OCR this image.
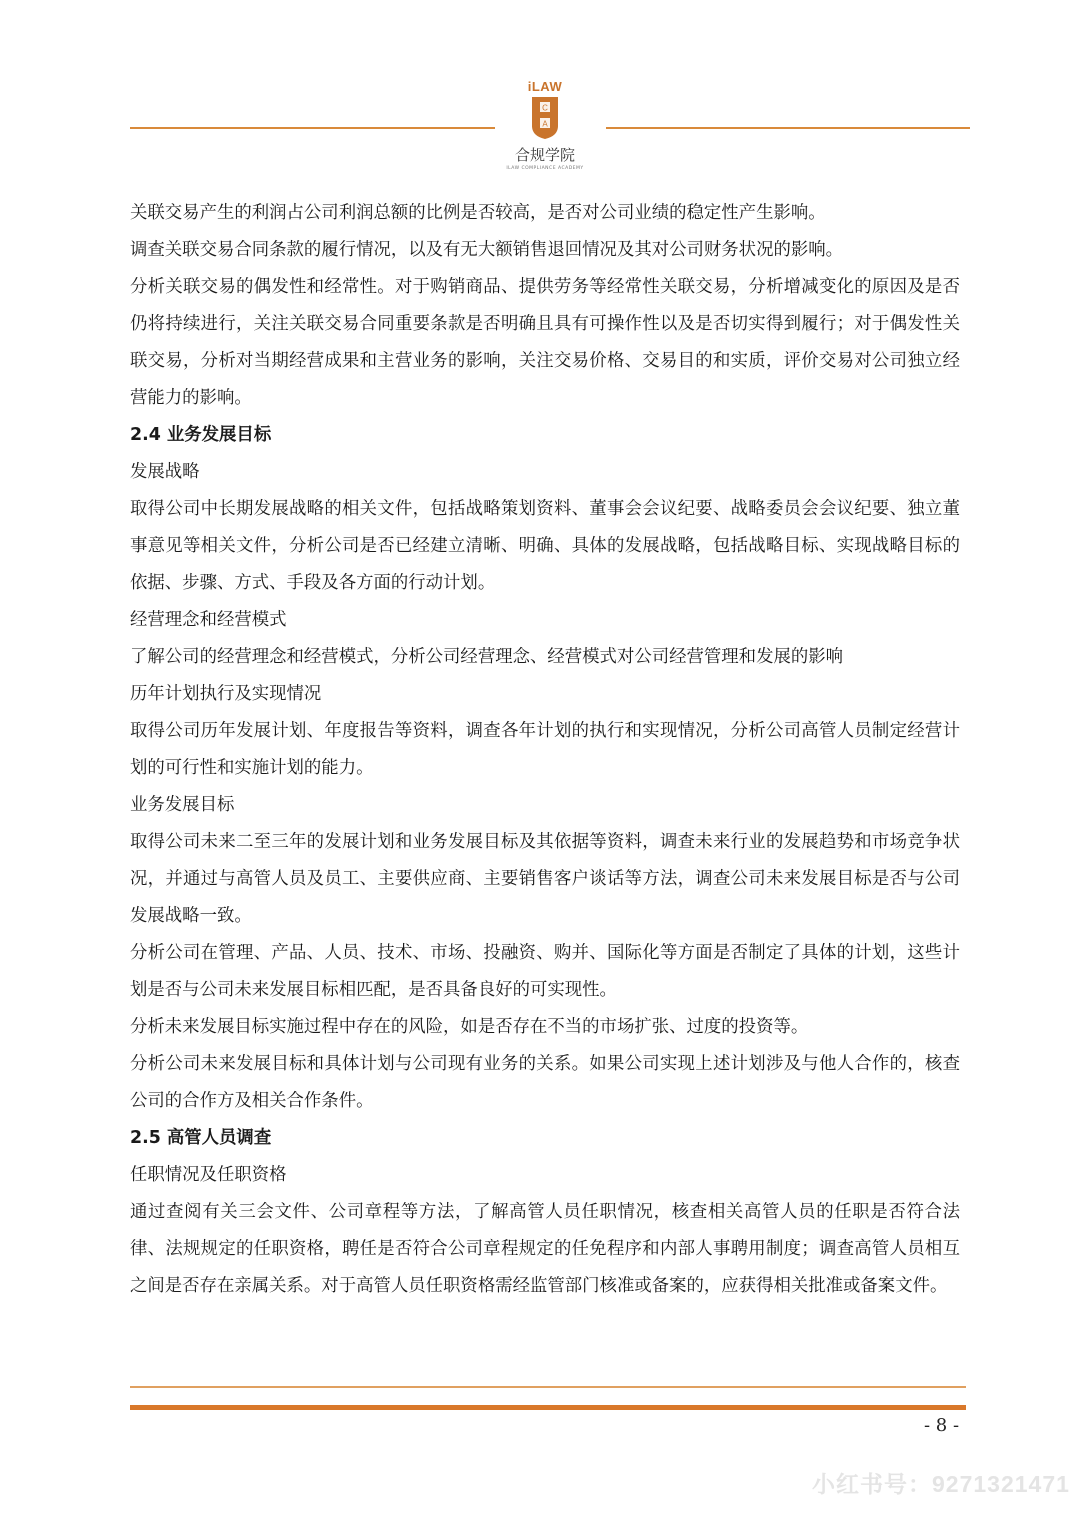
iLAW
C
A
合规学院
ILAW COMPLIANCE ACADEMY

关联交易产生的利润占公司利润总额的比例是否较高，是否对公司业绩的稳定性产生影响。

调查关联交易合同条款的履行情况，以及有无大额销售退回情况及其对公司财务状况的影响。

分析关联交易的偶发性和经常性。对于购销商品、提供劳务等经常性关联交易，分析增减变化的原因及是否仍将持续进行，关注关联交易合同重要条款是否明确且具有可操作性以及是否切实得到履行；对于偶发性关联交易，分析对当期经营成果和主营业务的影响，关注交易价格、交易目的和实质，评价交易对公司独立经营能力的影响。

2.4 业务发展目标

发展战略

取得公司中长期发展战略的相关文件，包括战略策划资料、董事会会议纪要、战略委员会会议纪要、独立董事意见等相关文件，分析公司是否已经建立清晰、明确、具体的发展战略，包括战略目标、实现战略目标的依据、步骤、方式、手段及各方面的行动计划。

经营理念和经营模式

了解公司的经营理念和经营模式，分析公司经营理念、经营模式对公司经营管理和发展的影响

历年计划执行及实现情况

取得公司历年发展计划、年度报告等资料，调查各年计划的执行和实现情况，分析公司高管人员制定经营计划的可行性和实施计划的能力。

业务发展目标

取得公司未来二至三年的发展计划和业务发展目标及其依据等资料，调查未来行业的发展趋势和市场竞争状况，并通过与高管人员及员工、主要供应商、主要销售客户谈话等方法，调查公司未来发展目标是否与公司发展战略一致。

分析公司在管理、产品、人员、技术、市场、投融资、购并、国际化等方面是否制定了具体的计划，这些计划是否与公司未来发展目标相匹配，是否具备良好的可实现性。

分析未来发展目标实施过程中存在的风险，如是否存在不当的市场扩张、过度的投资等。

分析公司未来发展目标和具体计划与公司现有业务的关系。如果公司实现上述计划涉及与他人合作的，核查公司的合作方及相关合作条件。

2.5 高管人员调查

任职情况及任职资格

通过查阅有关三会文件、公司章程等方法，了解高管人员任职情况，核查相关高管人员的任职是否符合法律、法规规定的任职资格，聘任是否符合公司章程规定的任免程序和内部人事聘用制度；调查高管人员相互之间是否存在亲属关系。对于高管人员任职资格需经监管部门核准或备案的，应获得相关批准或备案文件。

- 8 -
小红书号：9271321471
